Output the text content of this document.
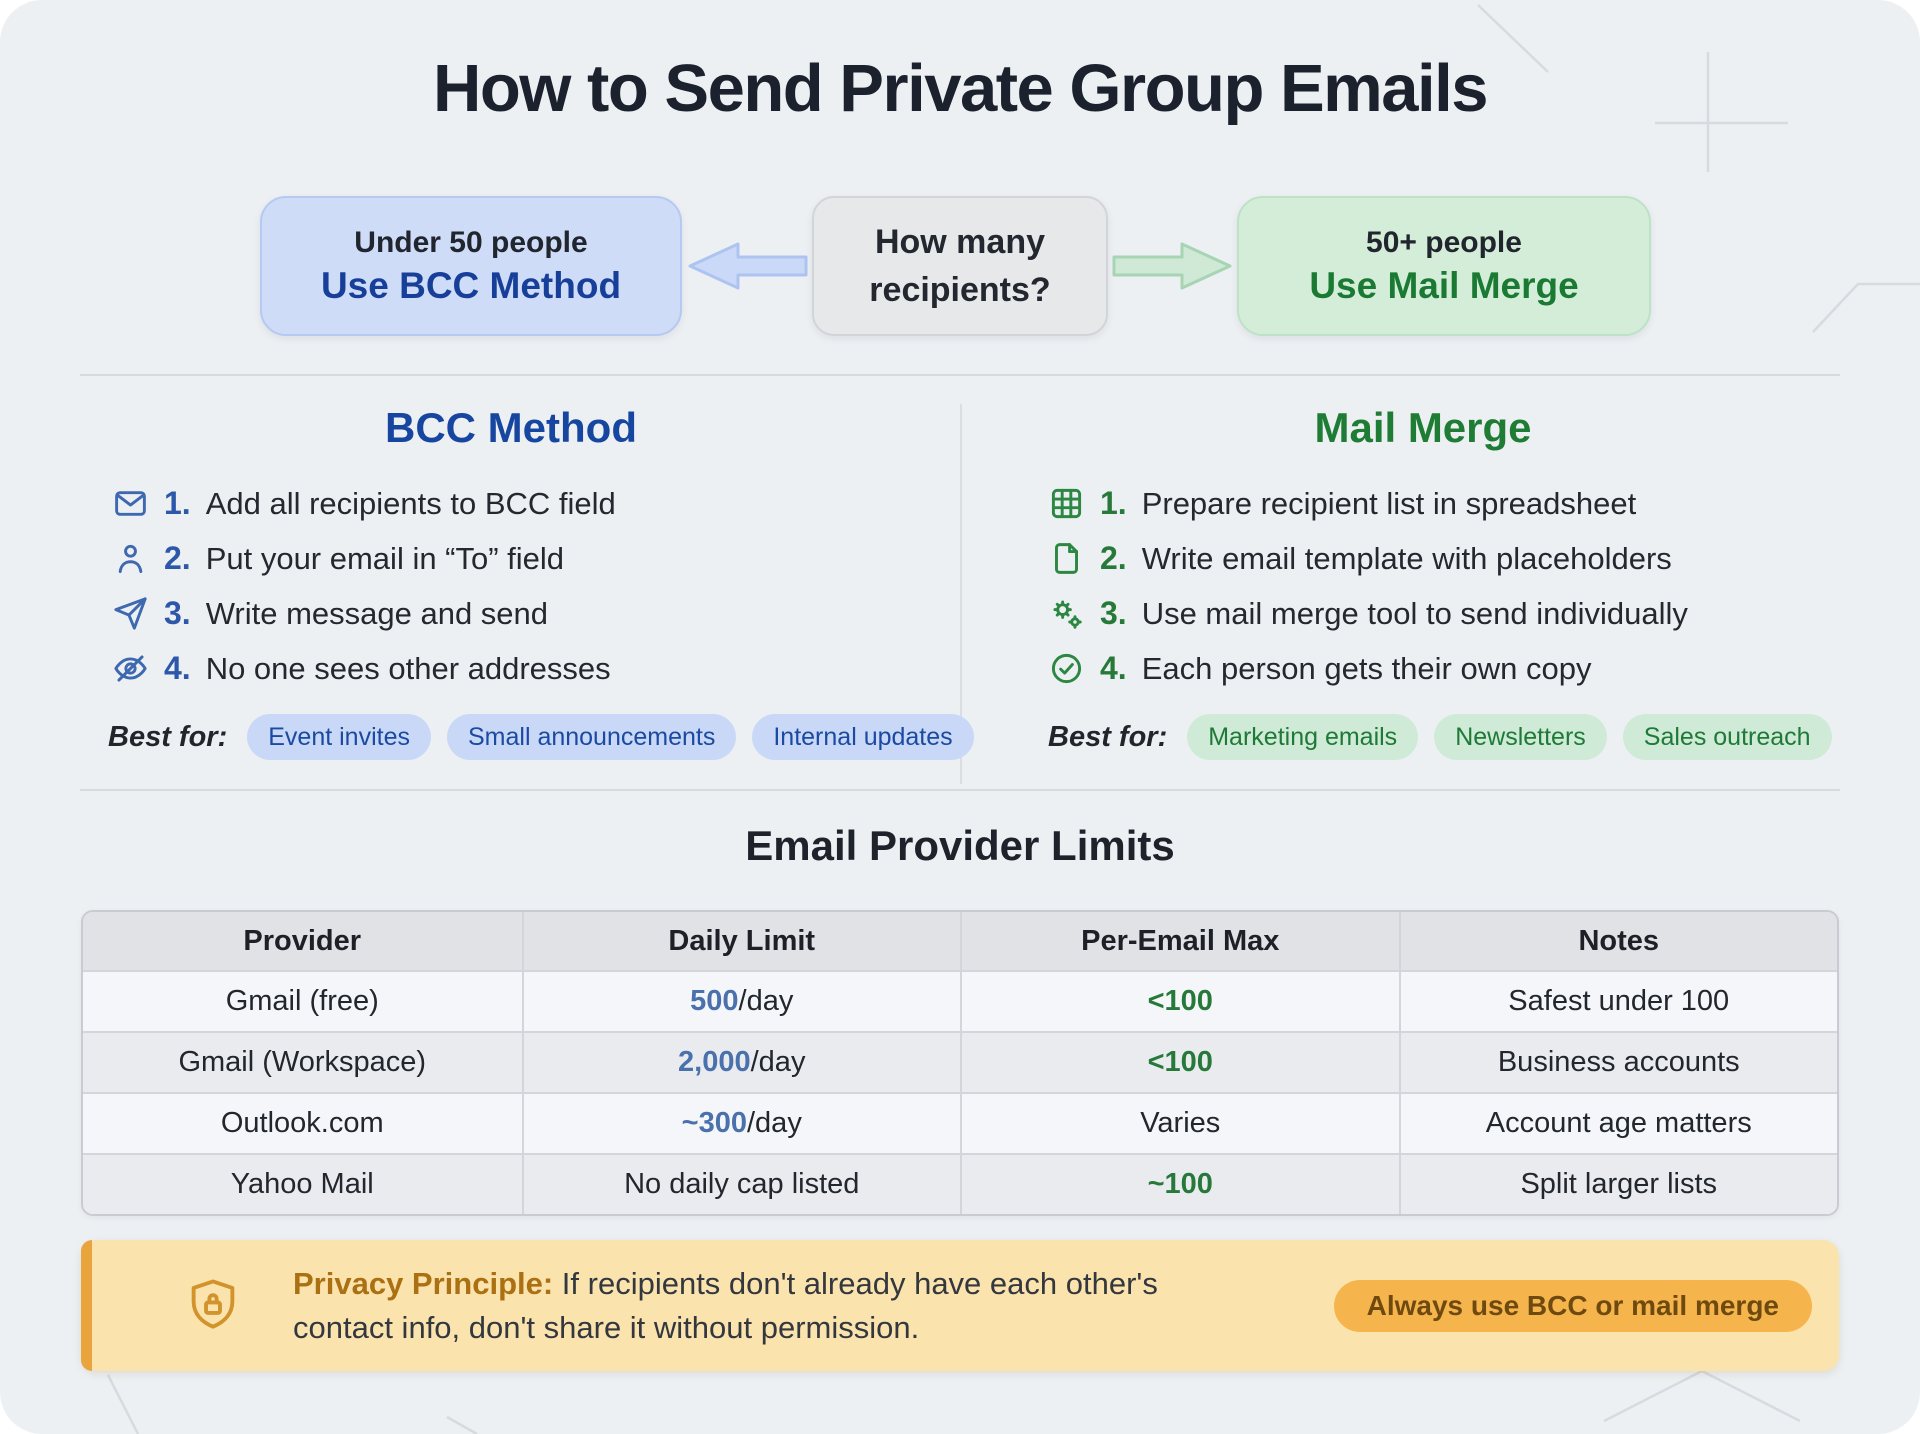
How to Send Private Group Emails
Under 50 people
Use BCC Method
How many
recipients?
50+ people
Use Mail Merge
BCC Method
1. Add all recipients to BCC field
2. Put your email in “To” field
3. Write message and send
4. No one sees other addresses
Best for:	Event invites	Small announcements	Internal updates
Mail Merge
1. Prepare recipient list in spreadsheet
2. Write email template with placeholders
3. Use mail merge tool to send individually
4. Each person gets their own copy
Best for:	Marketing emails	Newsletters	Sales outreach
Email Provider Limits
Provider	Daily Limit	Per-Email Max	Notes
Gmail (free)	500 /day	<100	Safest under 100
Gmail (Workspace)	2,000 /day	<100	Business accounts
Outlook.com	~300 /day	Varies	Account age matters
Yahoo Mail	No daily cap listed	~100	Split larger lists
Privacy Principle: If recipients don't already have each other's contact info, don't share it without permission.
Always use BCC or mail merge
